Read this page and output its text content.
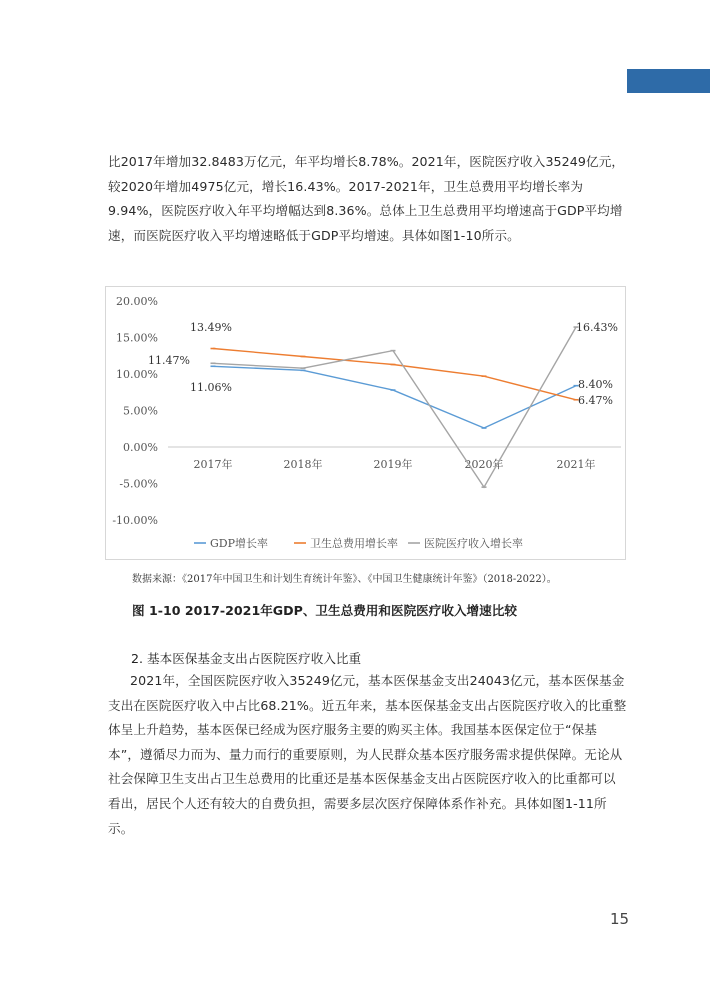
比2017年增加32.8483万亿元，年平均增长8.78%。2021年，医院医疗收入35249亿元，较2020年增加4975亿元，增长16.43%。2017-2021年，卫生总费用平均增长率为9.94%，医院医疗收入年平均增幅达到8.36%。总体上卫生总费用平均增速高于GDP平均增速，而医院医疗收入平均增速略低于GDP平均增速。具体如图1-10所示。

20.00%
15.00%
10.00%
5.00%
0.00%
-5.00%
-10.00%
2017年	2018年	2019年	2020年	2021年
13.49%
11.47%
11.06%
16.43%
8.40%
6.47%
GDP增长率	卫生总费用增长率 医院医疗收入增长率
数据来源：《2017年中国卫生和计划生育统计年鉴》、《中国卫生健康统计年鉴》（2018-2022）。
图 1-10 2017-2021年GDP、卫生总费用和医院医疗收入增速比较
2. 基本医保基金支出占医院医疗收入比重

2021年，全国医院医疗收入35249亿元，基本医保基金支出24043亿元，基本医保基金支出在医院医疗收入中占比68.21%。近五年来，基本医保基金支出占医院医疗收入的比重整体呈上升趋势，基本医保已经成为医疗服务主要的购买主体。我国基本医保定位于“保基本”，遵循尽力而为、量力而行的重要原则，为人民群众基本医疗服务需求提供保障。无论从社会保障卫生支出占卫生总费用的比重还是基本医保基金支出占医院医疗收入的比重都可以看出，居民个人还有较大的自费负担，需要多层次医疗保障体系作补充。具体如图1-11所示。

15
